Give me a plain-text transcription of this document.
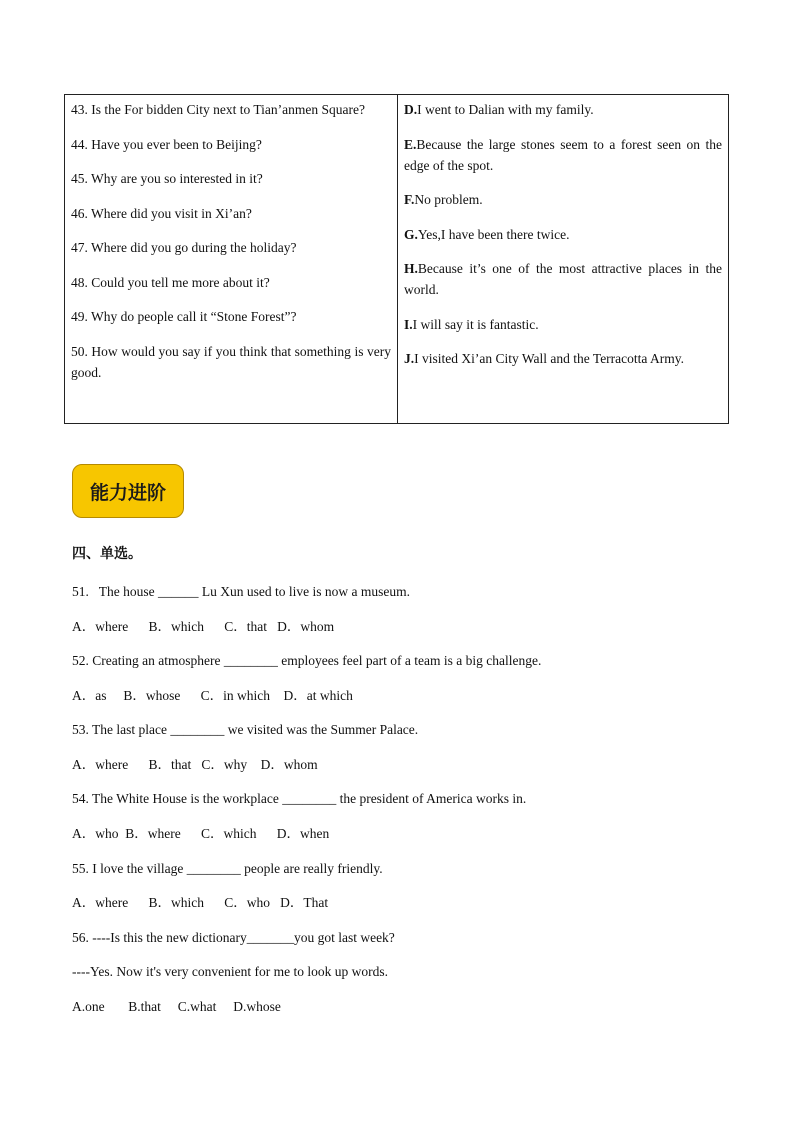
43. Is the For bidden City next to Tian’anmen Square?
44. Have you ever been to Beijing?
45. Why are you so interested in it?
46. Where did you visit in Xi’an?
47. Where did you go during the holiday?
48. Could you tell me more about it?
49. Why do people call it “Stone Forest”?
50. How would you say if you think that something is very good.
D.I went to Dalian with my family.
E.Because the large stones seem to a forest seen on the edge of the spot.
F.No problem.
G.Yes,I have been there twice.
H.Because it’s one of the most attractive places in the world.
I.I will say it is fantastic.
J.I visited Xi’an City Wall and the Terracotta Army.
能力进阶
四、单选。
51.   The house ______ Lu Xun used to live is now a museum.
A．where      B．which      C．that   D．whom
52. Creating an atmosphere ________ employees feel part of a team is a big challenge.
A．as     B．whose      C．in which    D．at which
53. The last place ________ we visited was the Summer Palace.
A．where      B．that   C．why    D．whom
54. The White House is the workplace ________ the president of America works in.
A．who  B．where      C．which      D．when
55. I love the village ________ people are really friendly.
A．where      B．which      C．who   D．That
56. ----Is this the new dictionary_______you got last week?
----Yes. Now it's very convenient for me to look up words.
A.one       B.that     C.what     D.whose
